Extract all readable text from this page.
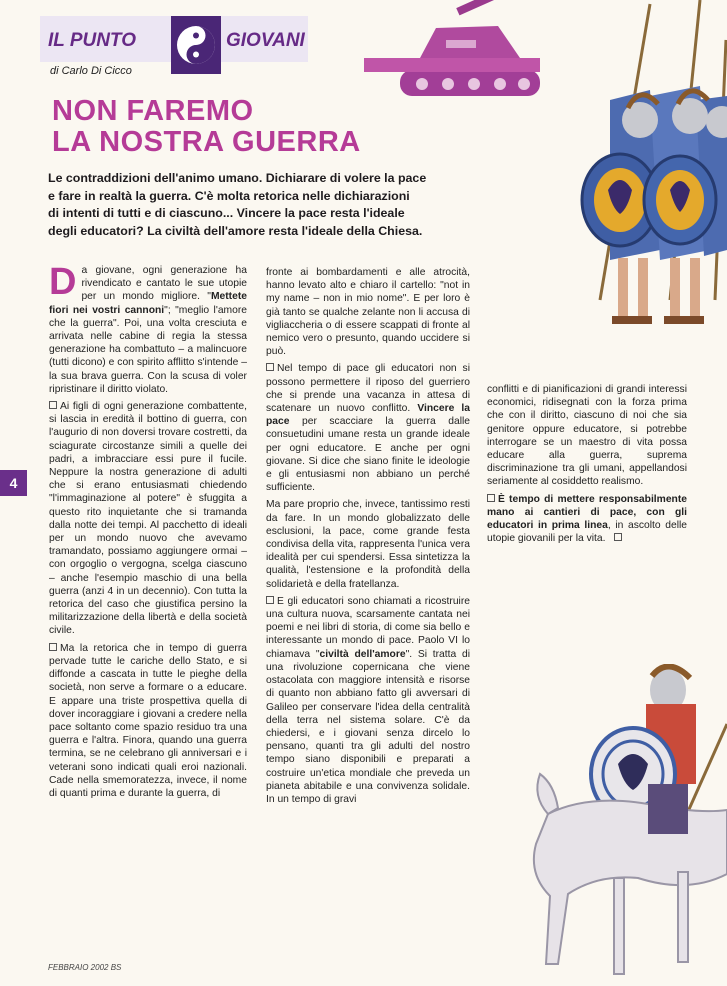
IL PUNTO	GIOVANI
di Carlo Di Cicco
NON FAREMO
LA NOSTRA GUERRA
Le contraddizioni dell'animo umano. Dichiarare di volere la pace
e fare in realtà la guerra. C'è molta retorica nelle dichiarazioni
di intenti di tutti e di ciascuno... Vincere la pace resta l'ideale
degli educatori? La civiltà dell'amore resta l'ideale della Chiesa.

Da giovane, ogni generazione ha rivendicato e cantato le sue utopie per un mondo migliore. "Mettete fiori nei vostri cannoni"; "meglio l'amore che la guerra". Poi, una volta cresciuta e arrivata nelle cabine di regia la stessa generazione ha combattuto – a malincuore (tutti dicono) e con spirito afflitto s'intende – la sua brava guerra. Con la scusa di voler ripristinare il diritto violato.

Ai figli di ogni generazione combattente, si lascia in eredità il bottino di guerra, con l'augurio di non doversi trovare costretti, da sciagurate circostanze simili a quelle dei padri, a imbracciare essi pure il fucile. Neppure la nostra generazione di adulti che si erano entusiasmati chiedendo "l'immaginazione al potere" è sfuggita a questo rito inquietante che si tramanda dalla notte dei tempi. Al pacchetto di ideali per un mondo nuovo che avevamo tramandato, possiamo aggiungere ormai – con orgoglio o vergogna, scelga ciascuno – anche l'esempio maschio di una bella guerra (anzi 4 in un decennio). Con tutta la retorica del caso che giustifica persino la militarizzazione della libertà e della società civile.

Ma la retorica che in tempo di guerra pervade tutte le cariche dello Stato, e si diffonde a cascata in tutte le pieghe della società, non serve a formare o a educare. E appare una triste prospettiva quella di dover incoraggiare i giovani a credere nella pace soltanto come spazio residuo tra una guerra e l'altra. Finora, quando una guerra termina, se ne celebrano gli anniversari e i veterani sono indicati quali eroi nazionali. Cade nella smemoratezza, invece, il nome di quanti prima e durante la guerra, di

fronte ai bombardamenti e alle atrocità, hanno levato alto e chiaro il cartello: "not in my name – non in mio nome". E per loro è già tanto se qualche zelante non li accusa di vigliaccheria o di essere scappati di fronte al nemico vero o presunto, quando uccidere si può.

Nel tempo di pace gli educatori non si possono permettere il riposo del guerriero che si prende una vacanza in attesa di scatenare un nuovo conflitto. Vincere la pace per scacciare la guerra dalle consuetudini umane resta un grande ideale per ogni educatore. E anche per ogni giovane. Si dice che siano finite le ideologie e gli entusiasmi non abbiano un perché sufficiente.

Ma pare proprio che, invece, tantissimo resti da fare. In un mondo globalizzato delle esclusioni, la pace, come grande festa condivisa della vita, rappresenta l'unica vera idealità per cui spendersi. Essa sintetizza la qualità, l'estensione e la profondità della solidarietà e della fratellanza.

E gli educatori sono chiamati a ricostruire una cultura nuova, scarsamente cantata nei poemi e nei libri di storia, di come sia bello e interessante un mondo di pace. Paolo VI lo chiamava "civiltà dell'amore". Si tratta di una rivoluzione copernicana che viene ostacolata con maggiore intensità e risorse di quanto non abbiano fatto gli avversari di Galileo per conservare l'idea della centralità della terra nel sistema solare. C'è da chiedersi, e i giovani senza dircelo lo pensano, quanti tra gli adulti del nostro tempo siano disponibili e preparati a costruire un'etica mondiale che preveda un pianeta abitabile e una convivenza solidale. In un tempo di gravi

conflitti e di pianificazioni di grandi interessi economici, ridisegnati con la forza prima che con il diritto, ciascuno di noi che sia genitore oppure educatore, si potrebbe interrogare se un maestro di vita possa educare alla guerra, suprema discriminazione tra gli umani, appellandosi seriamente al cosiddetto realismo.

È tempo di mettere responsabilmente mano ai cantieri di pace, con gli educatori in prima linea, in ascolto delle utopie giovanili per la vita.

4
FEBBRAIO 2002 BS
